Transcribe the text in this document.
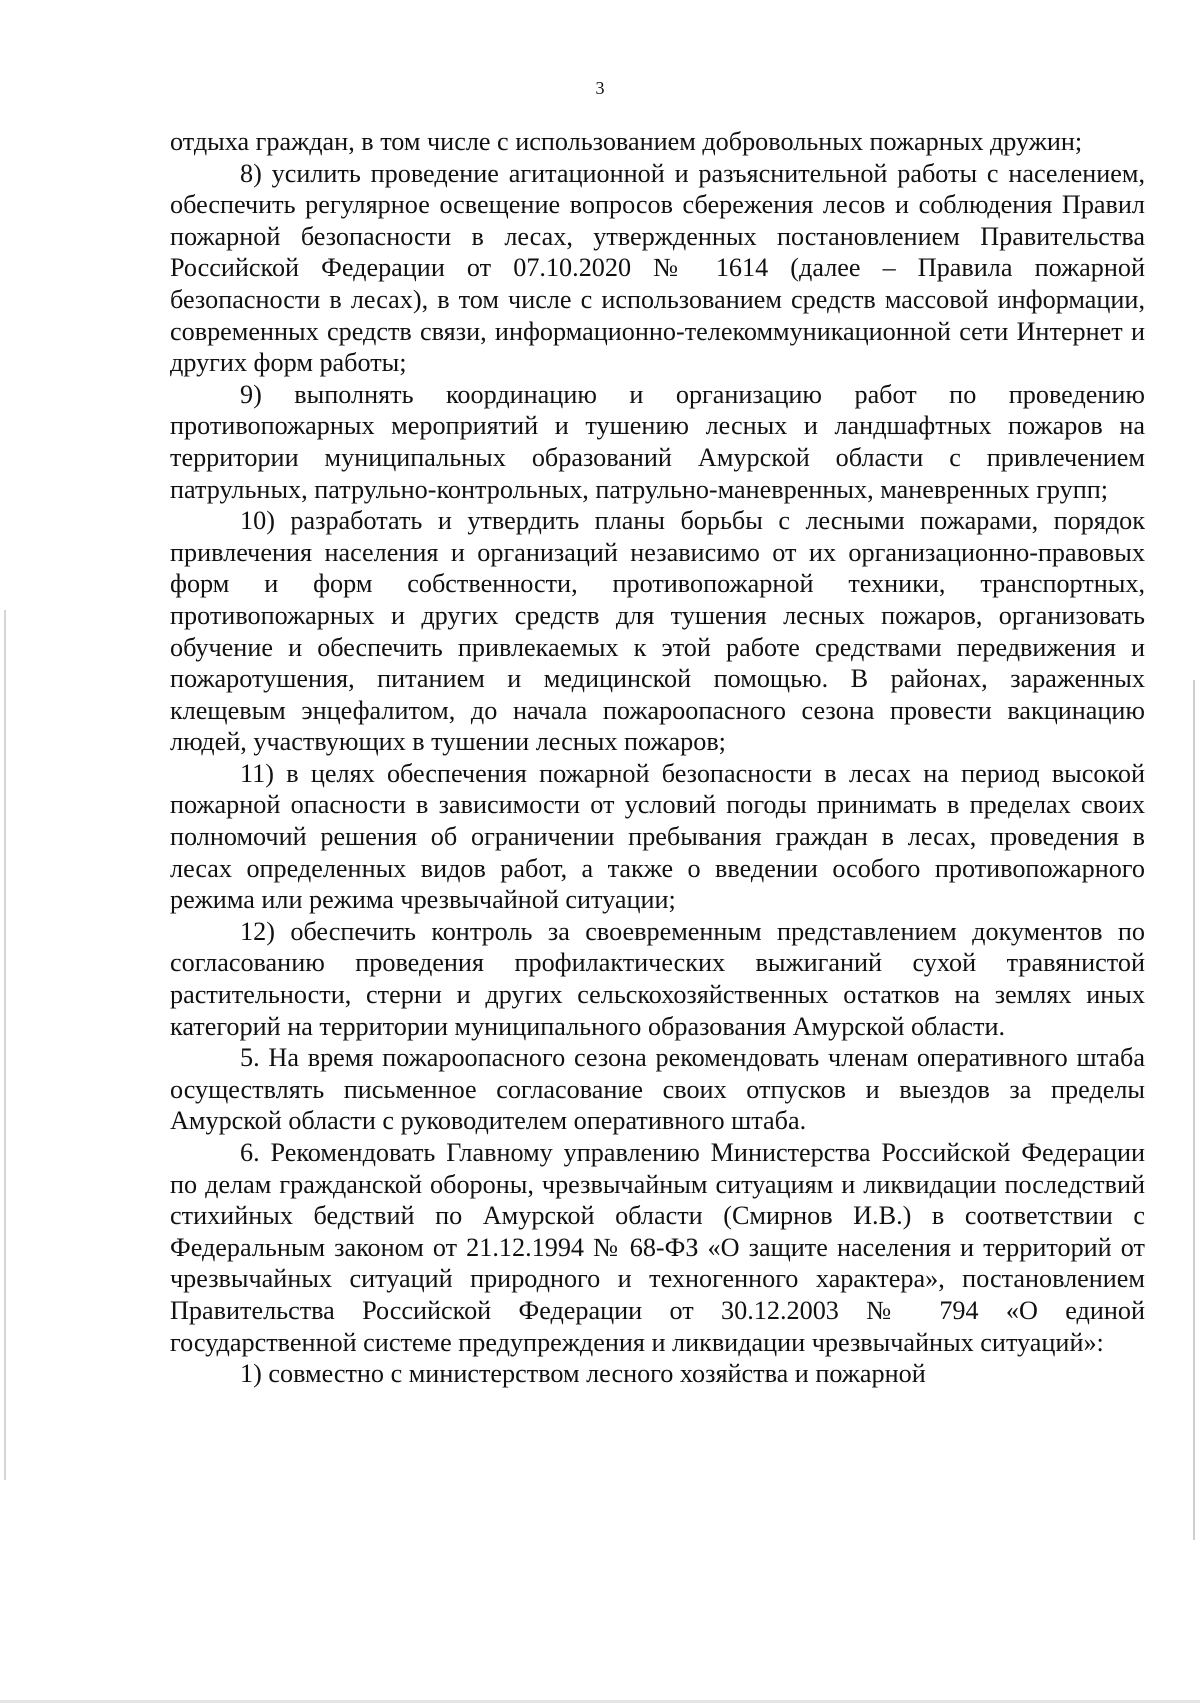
3

отдыха граждан, в том числе с использованием добровольных пожарных дружин;

8) усилить проведение агитационной и разъяснительной работы с населением, обеспечить регулярное освещение вопросов сбережения лесов и соблюдения Правил пожарной безопасности в лесах, утвержденных постановлением Правительства Российской Федерации от 07.10.2020 № 1614 (далее – Правила пожарной безопасности в лесах), в том числе с использованием средств массовой информации, современных средств связи, информационно-телекоммуникационной сети Интернет и других форм работы;

9) выполнять координацию и организацию работ по проведению противопожарных мероприятий и тушению лесных и ландшафтных пожаров на территории муниципальных образований Амурской области с привлечением патрульных, патрульно-контрольных, патрульно-маневренных, маневренных групп;

10) разработать и утвердить планы борьбы с лесными пожарами, порядок привлечения населения и организаций независимо от их организационно-правовых форм и форм собственности, противопожарной техники, транспортных, противопожарных и других средств для тушения лесных пожаров, организовать обучение и обеспечить привлекаемых к этой работе средствами передвижения и пожаротушения, питанием и медицинской помощью. В районах, зараженных клещевым энцефалитом, до начала пожароопасного сезона провести вакцинацию людей, участвующих в тушении лесных пожаров;

11) в целях обеспечения пожарной безопасности в лесах на период высокой пожарной опасности в зависимости от условий погоды принимать в пределах своих полномочий решения об ограничении пребывания граждан в лесах, проведения в лесах определенных видов работ, а также о введении особого противопожарного режима или режима чрезвычайной ситуации;

12) обеспечить контроль за своевременным представлением документов по согласованию проведения профилактических выжиганий сухой травянистой растительности, стерни и других сельскохозяйственных остатков на землях иных категорий на территории муниципального образования Амурской области.

5. На время пожароопасного сезона рекомендовать членам оперативного штаба осуществлять письменное согласование своих отпусков и выездов за пределы Амурской области с руководителем оперативного штаба.

6. Рекомендовать Главному управлению Министерства Российской Федерации по делам гражданской обороны, чрезвычайным ситуациям и ликвидации последствий стихийных бедствий по Амурской области (Смирнов И.В.) в соответствии с Федеральным законом от 21.12.1994 № 68-ФЗ «О защите населения и территорий от чрезвычайных ситуаций природного и техногенного характера», постановлением Правительства Российской Федерации от 30.12.2003 № 794 «О единой государственной системе предупреждения и ликвидации чрезвычайных ситуаций»:

1) совместно с министерством лесного хозяйства и пожарной
